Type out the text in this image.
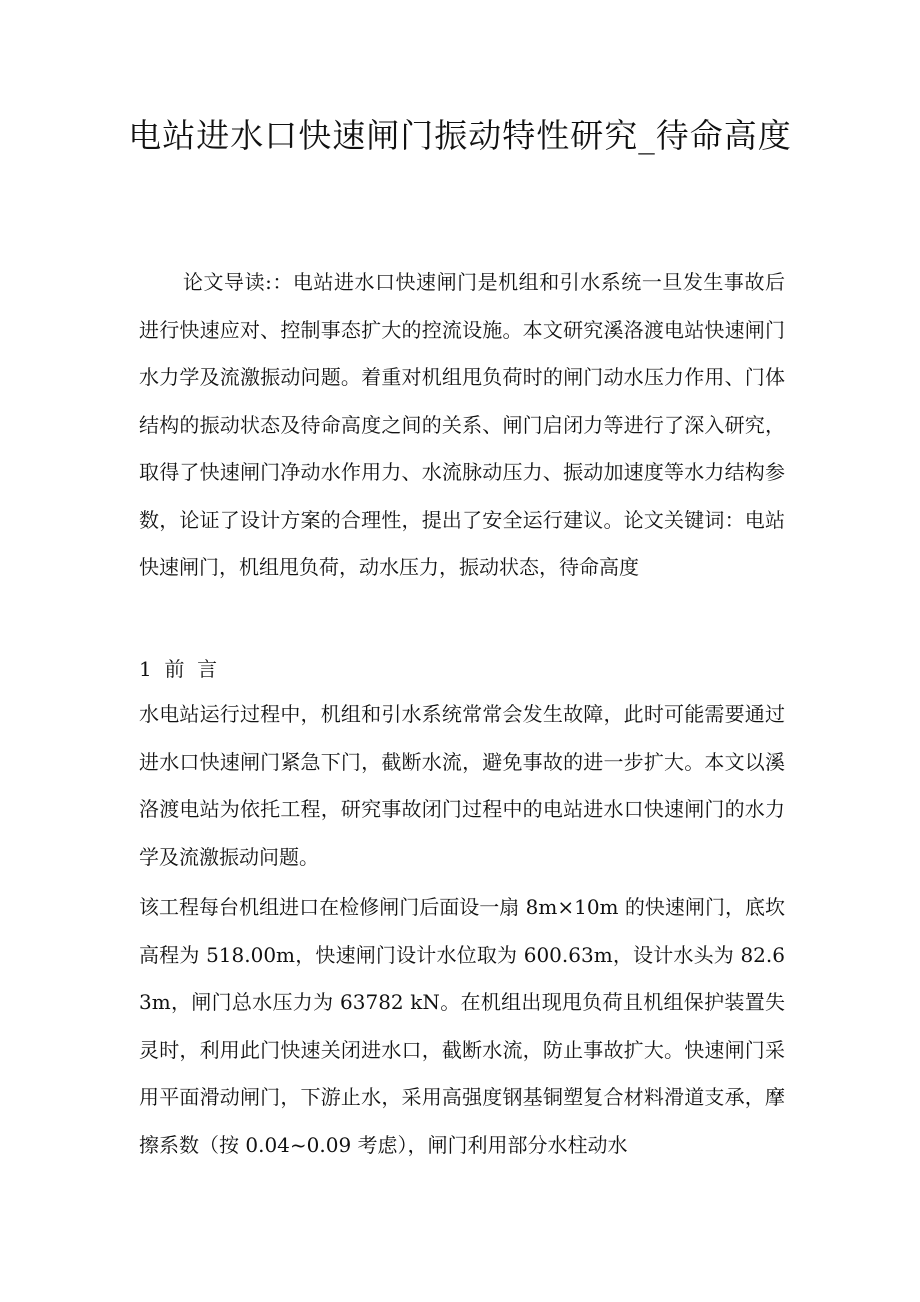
电站进水口快速闸门振动特性研究_待命高度

论文导读:：电站进水口快速闸门是机组和引水系统一旦发生事故后进行快速应对、控制事态扩大的控流设施。本文研究溪洛渡电站快速闸门水力学及流激振动问题。着重对机组甩负荷时的闸门动水压力作用、门体结构的振动状态及待命高度之间的关系、闸门启闭力等进行了深入研究，取得了快速闸门净动水作用力、水流脉动压力、振动加速度等水力结构参数，论证了设计方案的合理性，提出了安全运行建议。论文关键词：电站快速闸门，机组甩负荷，动水压力，振动状态，待命高度

1  前  言

水电站运行过程中，机组和引水系统常常会发生故障，此时可能需要通过进水口快速闸门紧急下门，截断水流，避免事故的进一步扩大。本文以溪洛渡电站为依托工程，研究事故闭门过程中的电站进水口快速闸门的水力学及流激振动问题。

该工程每台机组进口在检修闸门后面设一扇 8m×10m 的快速闸门，底坎高程为 518.00m，快速闸门设计水位取为 600.63m，设计水头为 82.63m，闸门总水压力为 63782 kN。在机组出现甩负荷且机组保护装置失灵时，利用此门快速关闭进水口，截断水流，防止事故扩大。快速闸门采用平面滑动闸门，下游止水，采用高强度钢基铜塑复合材料滑道支承，摩擦系数（按 0.04~0.09 考虑），闸门利用部分水柱动水
